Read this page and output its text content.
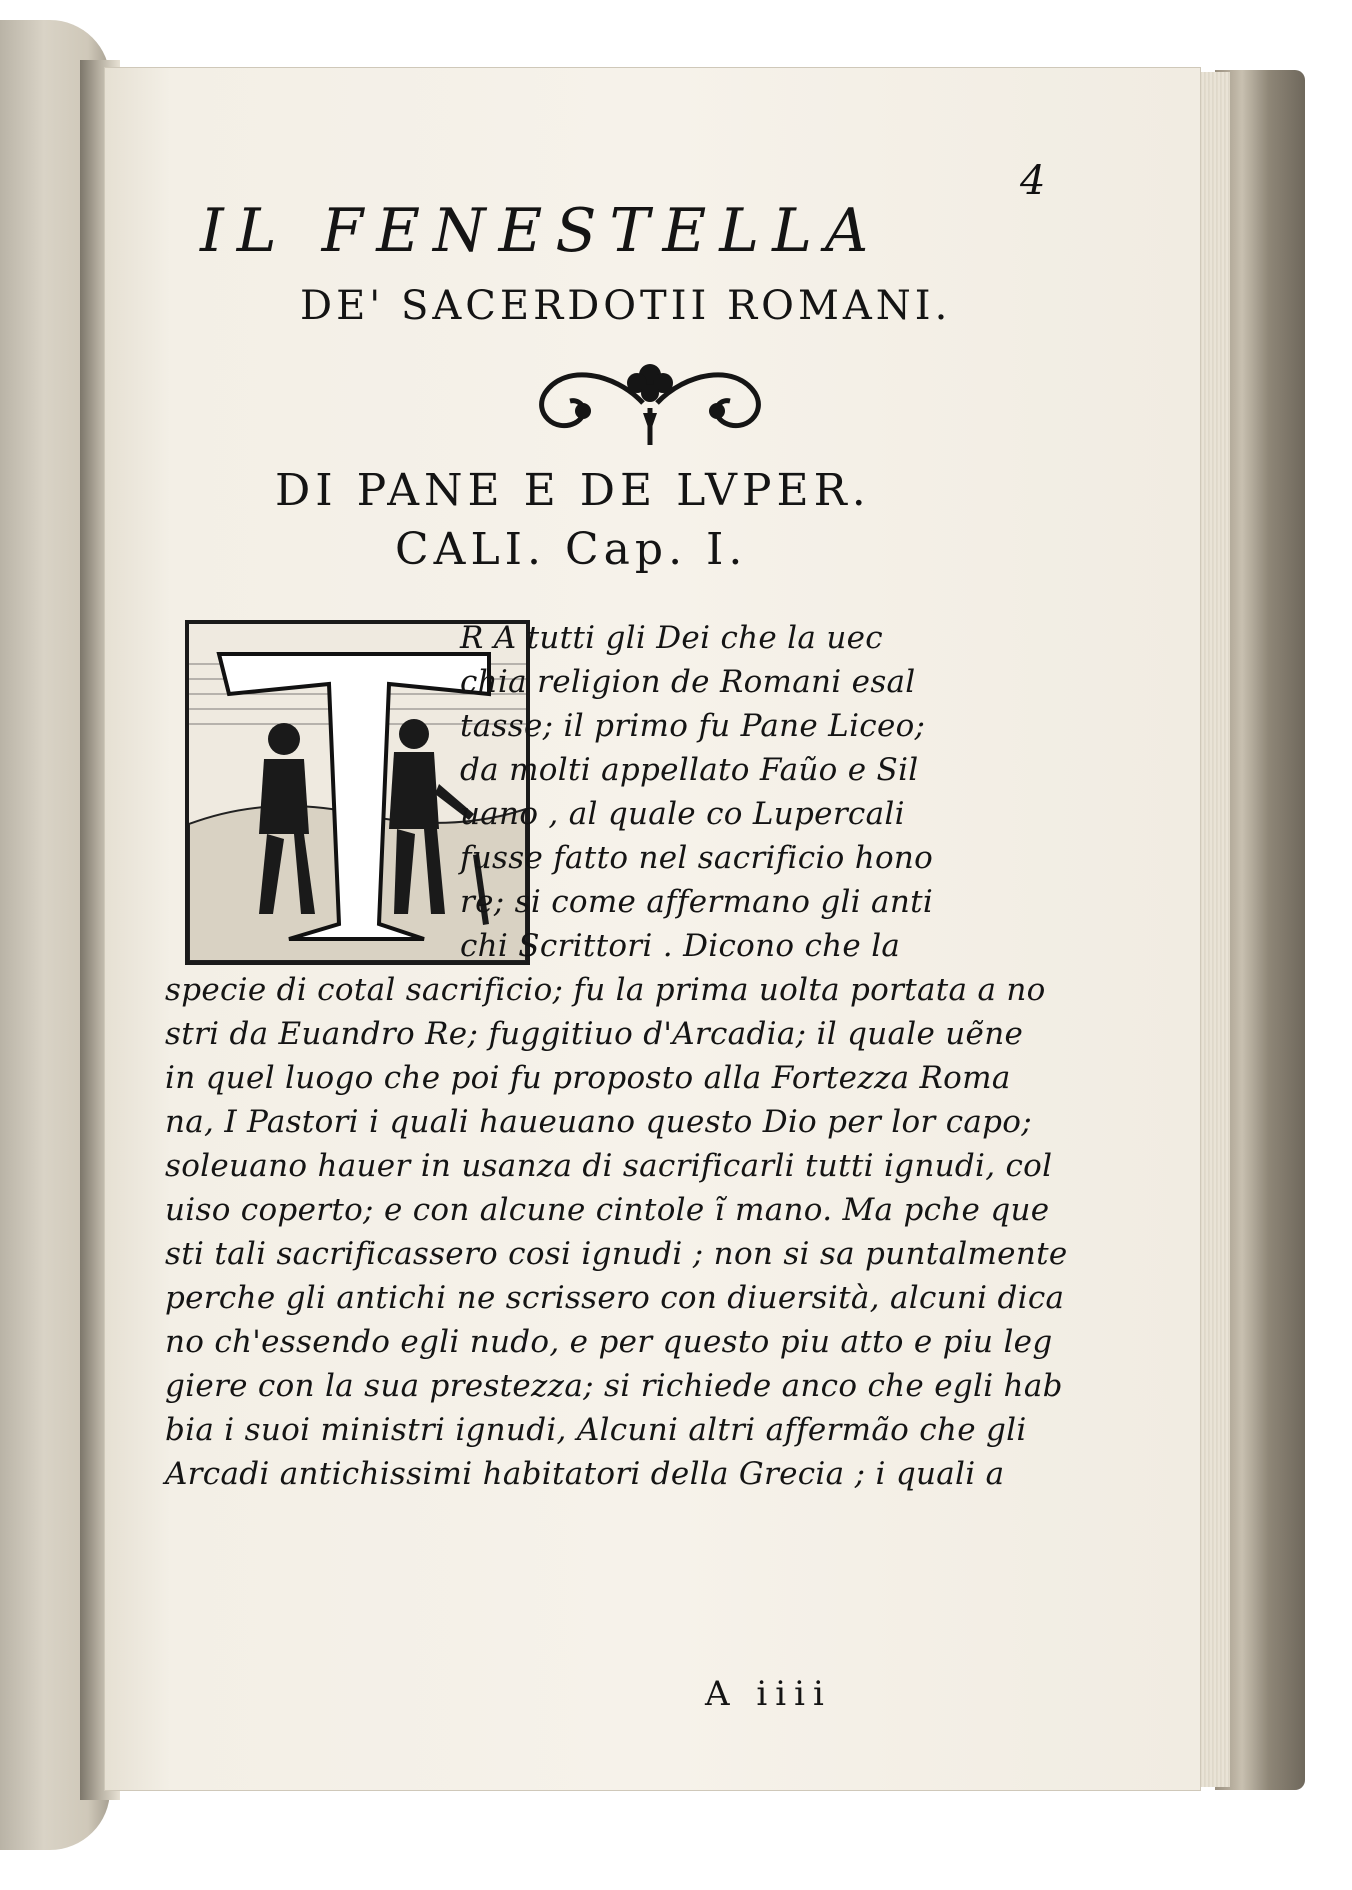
4
IL FENESTELLA
DE' SACERDOTII ROMANI.
DI PANE E DE LVPER.
CALI. Cap. I.
R A tutti gli Dei che la uec
chia religion de Romani esal
tasse; il primo fu Pane Liceo;
da molti appellato Faũo e Sil
uano , al quale co Lupercali
fusse fatto nel sacrificio hono
re; si come affermano gli anti
chi Scrittori . Dicono che la
specie di cotal sacrificio; fu la prima uolta portata a no
stri da Euandro Re; fuggitiuo d'Arcadia; il quale uẽne
in quel luogo che poi fu proposto alla Fortezza Roma
na, I Pastori i quali haueuano questo Dio per lor capo;
soleuano hauer in usanza di sacrificarli tutti ignudi, col
uiso coperto; e con alcune cintole ĩ mano. Ma pche que
sti tali sacrificassero cosi ignudi ; non si sa puntalmente
perche gli antichi ne scrissero con diuersità, alcuni dica
no ch'essendo egli nudo, e per questo piu atto e piu leg
giere con la sua prestezza; si richiede anco che egli hab
bia i suoi ministri ignudi, Alcuni altri affermão che gli
Arcadi antichissimi habitatori della Grecia ; i quali a
A iiii
